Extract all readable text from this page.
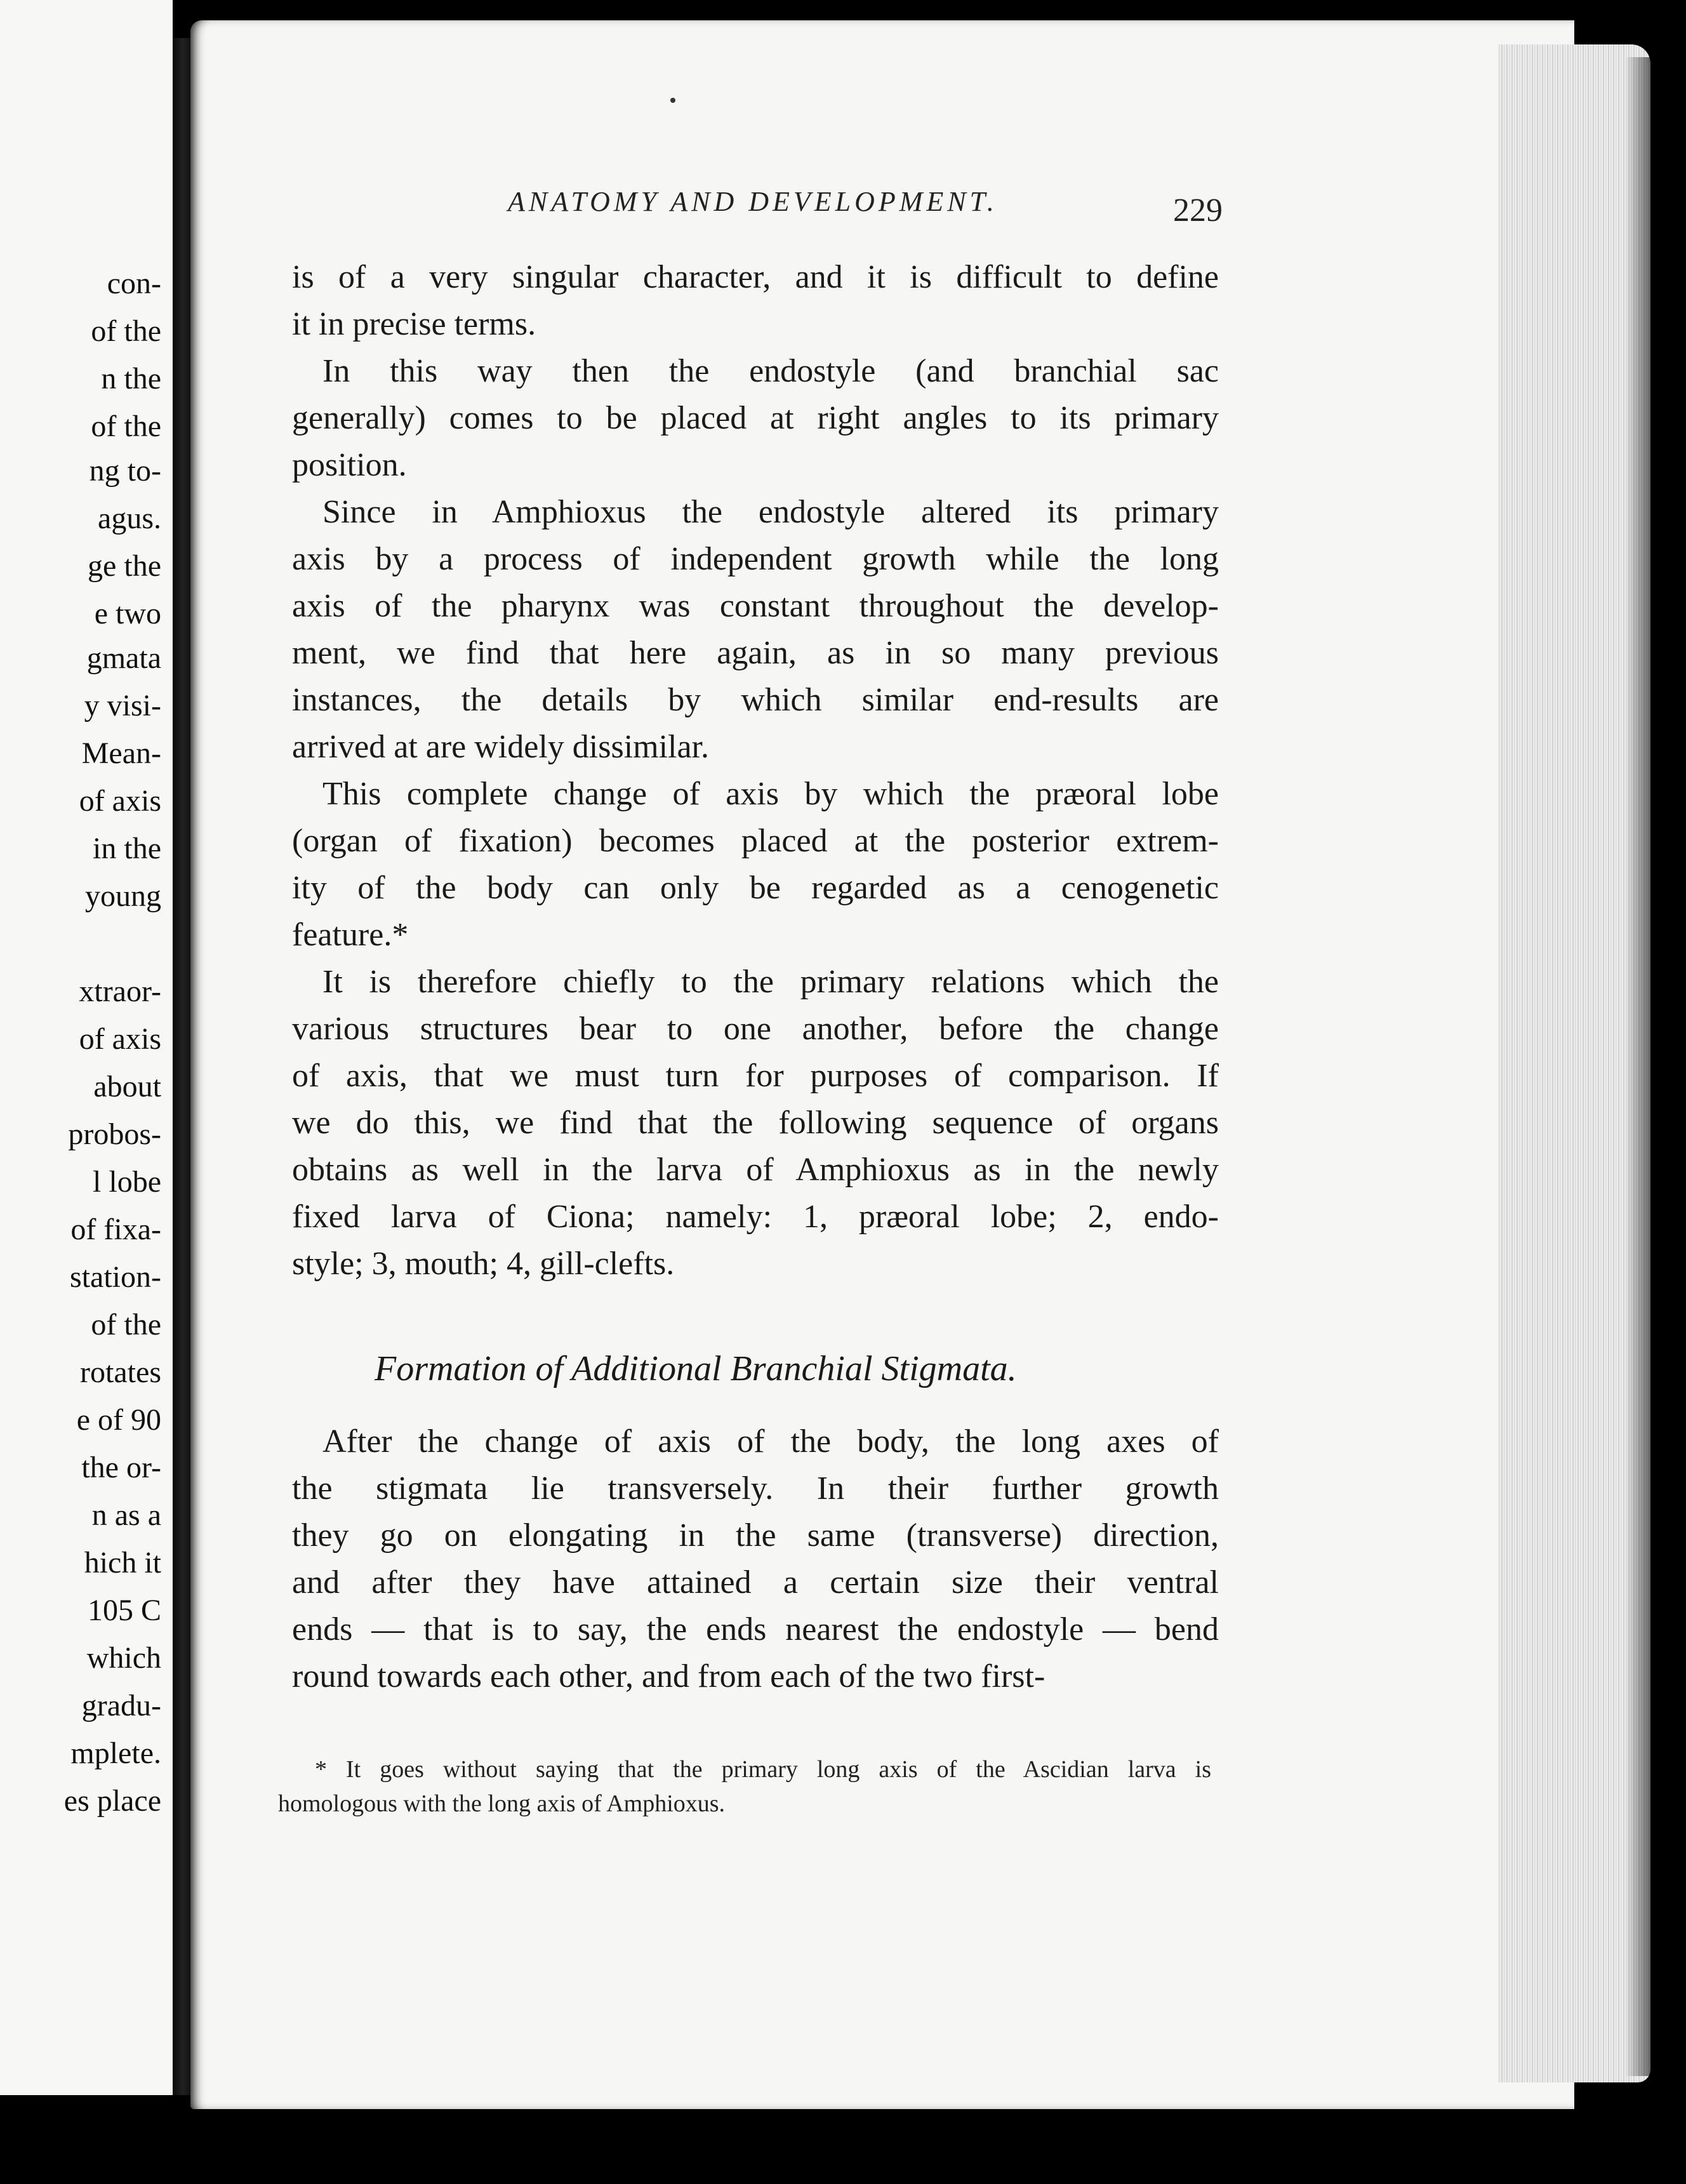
con-
of the
n the
of the
ng to-
agus.
ge the
e two
gmata
y visi-
Mean-
of axis
in the
young
xtraor-
of axis
about
probos-
l lobe
of fixa-
station-
of the
rotates
e of 90
the or-
n as a
hich it
105 C
which
gradu-
mplete.
es place
ANATOMY AND DEVELOPMENT.	229
is of a very singular character, and it is difficult to define
it in precise terms.
In this way then the endostyle (and branchial sac
generally) comes to be placed at right angles to its primary
position.
Since in Amphioxus the endostyle altered its primary
axis by a process of independent growth while the long
axis of the pharynx was constant throughout the develop-
ment, we find that here again, as in so many previous
instances, the details by which similar end-results are
arrived at are widely dissimilar.
This complete change of axis by which the præoral lobe
(organ of fixation) becomes placed at the posterior extrem-
ity of the body can only be regarded as a cenogenetic
feature.*
It is therefore chiefly to the primary relations which the
various structures bear to one another, before the change
of axis, that we must turn for purposes of comparison. If
we do this, we find that the following sequence of organs
obtains as well in the larva of Amphioxus as in the newly
fixed larva of Ciona; namely: 1, præoral lobe; 2, endo-
style; 3, mouth; 4, gill-clefts.
Formation of Additional Branchial Stigmata.
After the change of axis of the body, the long axes of
the stigmata lie transversely. In their further growth
they go on elongating in the same (transverse) direction,
and after they have attained a certain size their ventral
ends — that is to say, the ends nearest the endostyle — bend
round towards each other, and from each of the two first-
* It goes without saying that the primary long axis of the Ascidian larva is
homologous with the long axis of Amphioxus.
